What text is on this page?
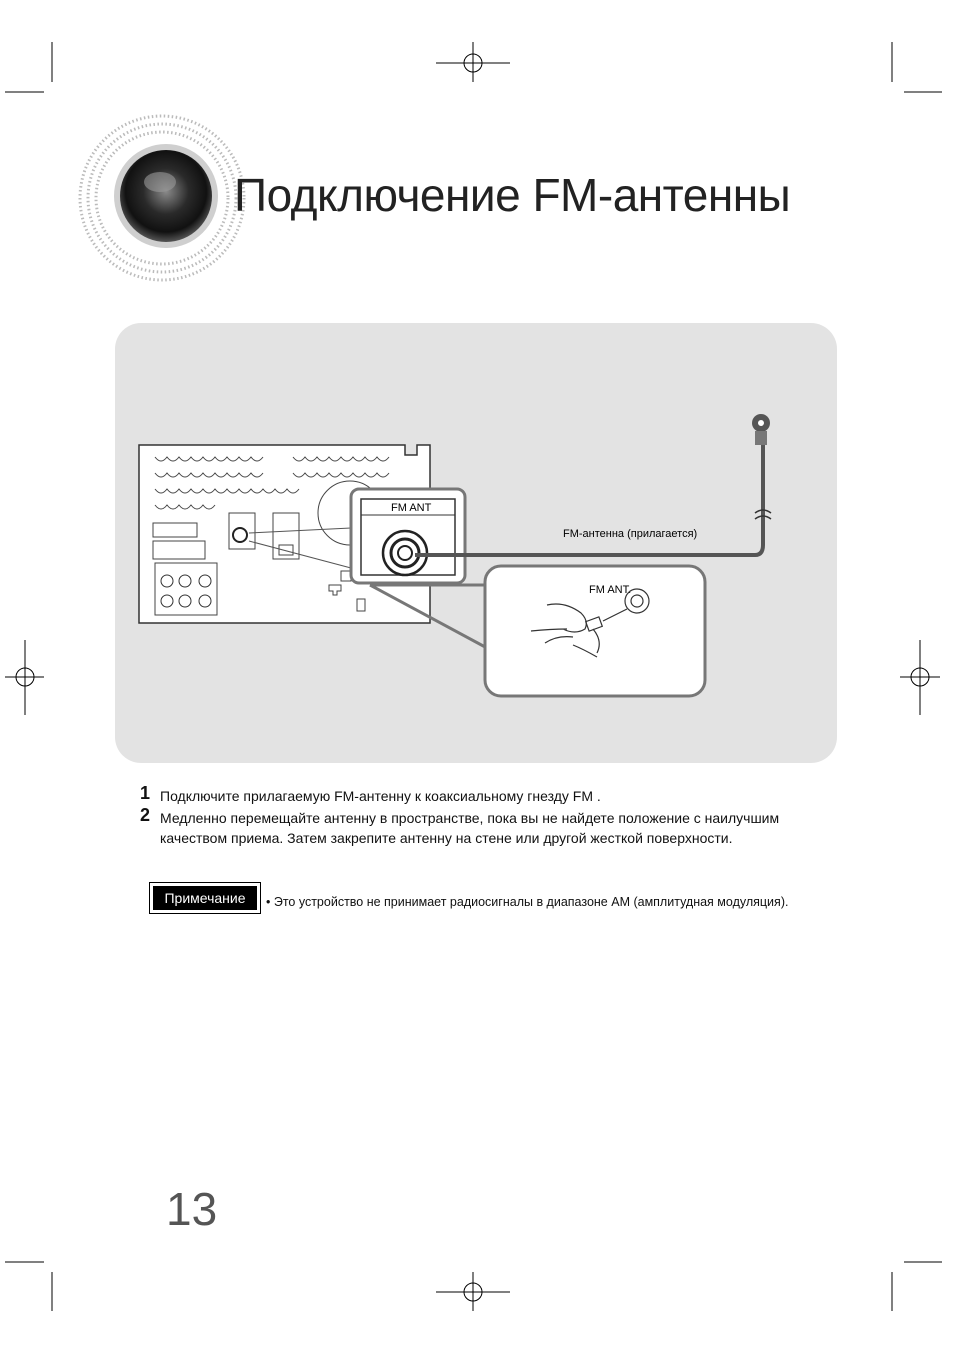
Подключение FM-антенны
FM ANT
FM-антенна (прилагается)
FM ANT.
1 Подключите прилагаемую FM-антенну к коаксиальному гнезду FM .
2 Медленно перемещайте антенну в пространстве, пока вы не найдете положение с наилучшим качеством приема. Затем закрепите антенну на стене или другой жесткой поверхности.
Примечание	• Это устройство не принимает радиосигналы в диапазоне AM (амплитудная модуляция).
13
